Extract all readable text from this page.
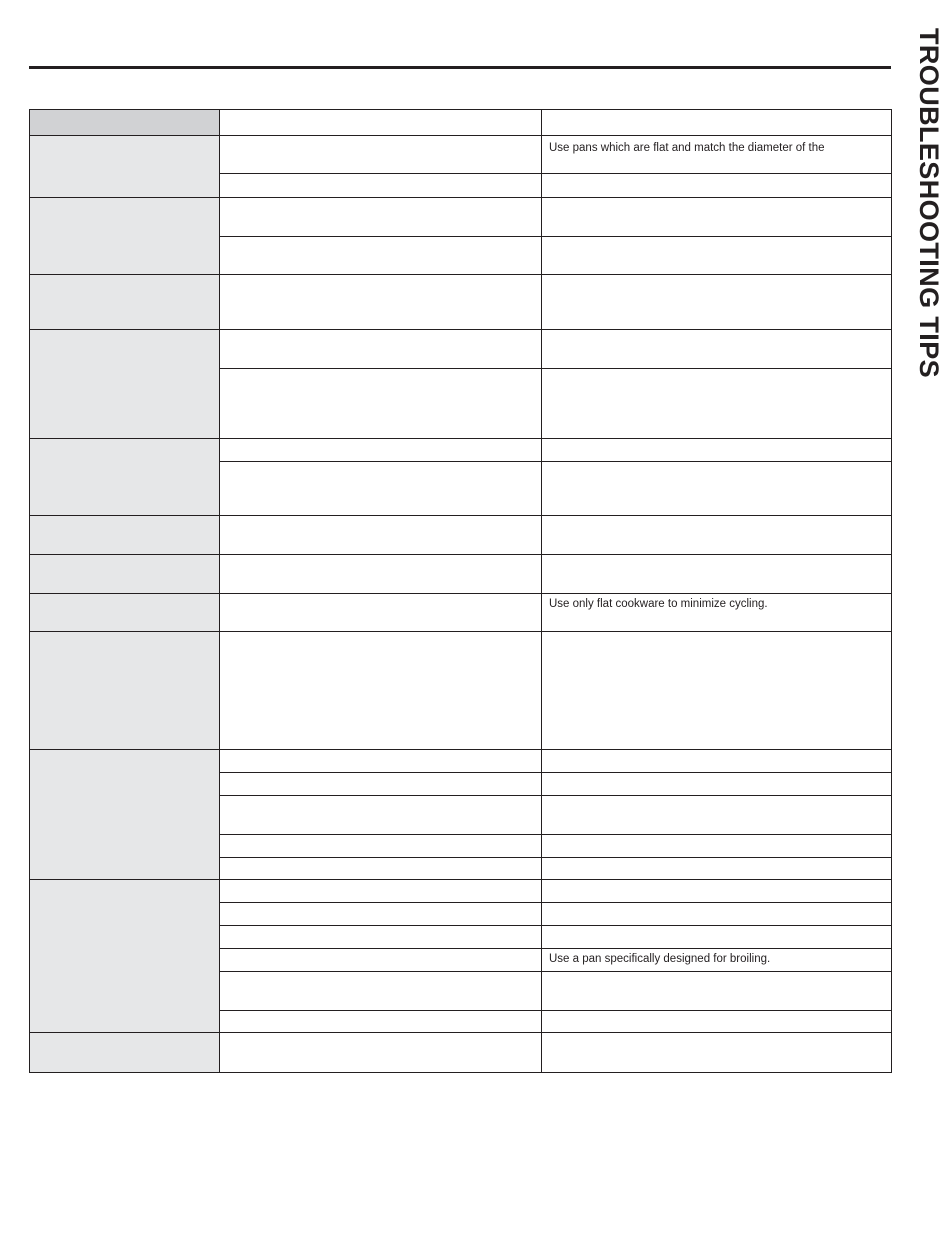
TROUBLESHOOTING TIPS
Use pans which are flat and match the diameter of the
Use only flat cookware to minimize cycling.
Use a pan specifically designed for broiling.
